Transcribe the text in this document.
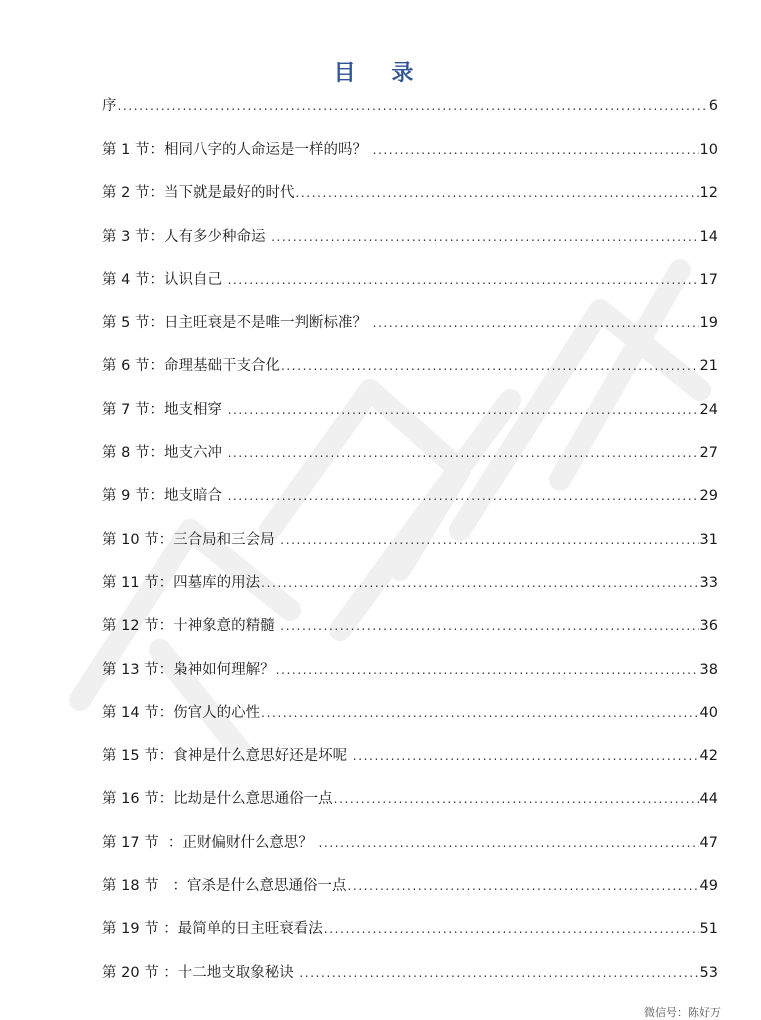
目 录
序 .....	6
第 1 节：相同八字的人命运是一样的吗？ .....	10
第 2 节：当下就是最好的时代 .....	12
第 3 节：人有多少种命运 .....	14
第 4 节：认识自己 .....	17
第 5 节：日主旺衰是不是唯一判断标准？ .....	19
第 6 节：命理基础干支合化 .....	21
第 7 节：地支相穿 .....	24
第 8 节：地支六冲 .....	27
第 9 节：地支暗合 .....	29
第 10 节：三合局和三会局 .....	31
第 11 节：四墓库的用法 .....	33
第 12 节：十神象意的精髓 .....	36
第 13 节：枭神如何理解？ .....	38
第 14 节：伤官人的心性 .....	40
第 15 节：食神是什么意思好还是坏呢 .....	42
第 16 节：比劫是什么意思通俗一点 .....	44
第 17 节  ：正财偏财什么意思？ .....	47
第 18 节   ：官杀是什么意思通俗一点 .....	49
第 19 节 ：最简单的日主旺衰看法 .....	51
第 20 节 ：十二地支取象秘诀 .....	53
微信号：陈好万
